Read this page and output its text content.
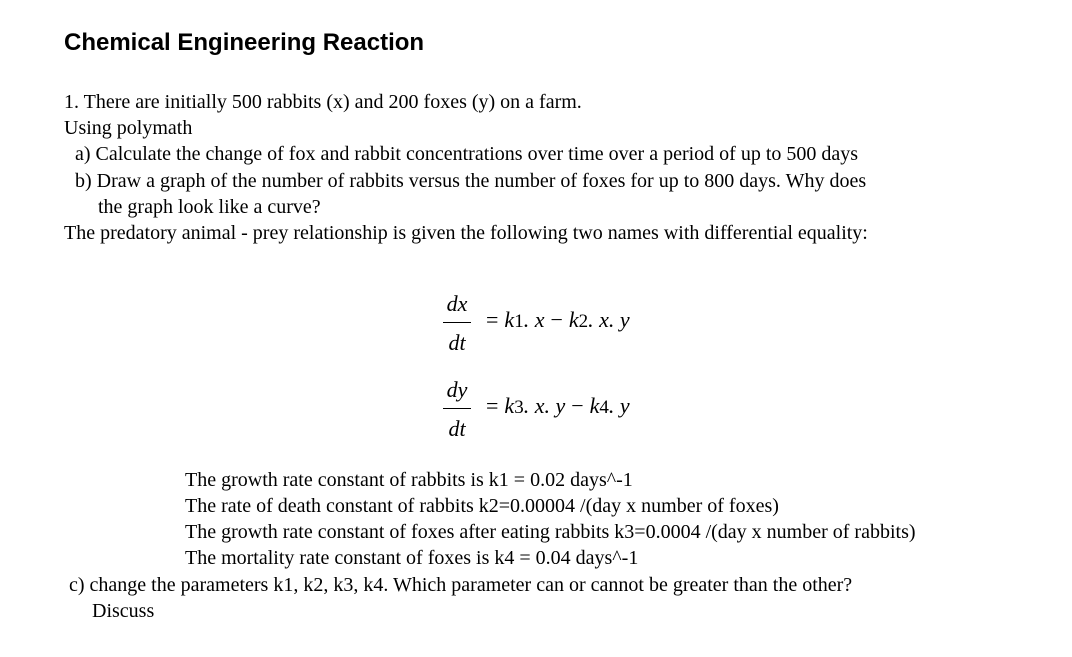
Chemical Engineering Reaction
1. There are initially 500 rabbits (x) and 200 foxes (y) on a farm.
Using polymath
a) Calculate the change of fox and rabbit concentrations over time over a period of up to 500 days
b) Draw a graph of the number of rabbits versus the number of foxes for up to 800 days. Why does
the graph look like a curve?
The predatory animal - prey relationship is given the following two names with differential equality:
dx
dt
= k1. x − k2. x. y
dy
dt
= k3. x. y − k4. y
The growth rate constant of rabbits is k1 = 0.02 days^-1
The rate of death constant of rabbits k2=0.00004 /(day x number of foxes)
The growth rate constant of foxes after eating rabbits k3=0.0004 /(day x number of rabbits)
The mortality rate constant of foxes is k4 = 0.04 days^-1
c) change the parameters k1, k2, k3, k4. Which parameter can or cannot be greater than the other?
Discuss
